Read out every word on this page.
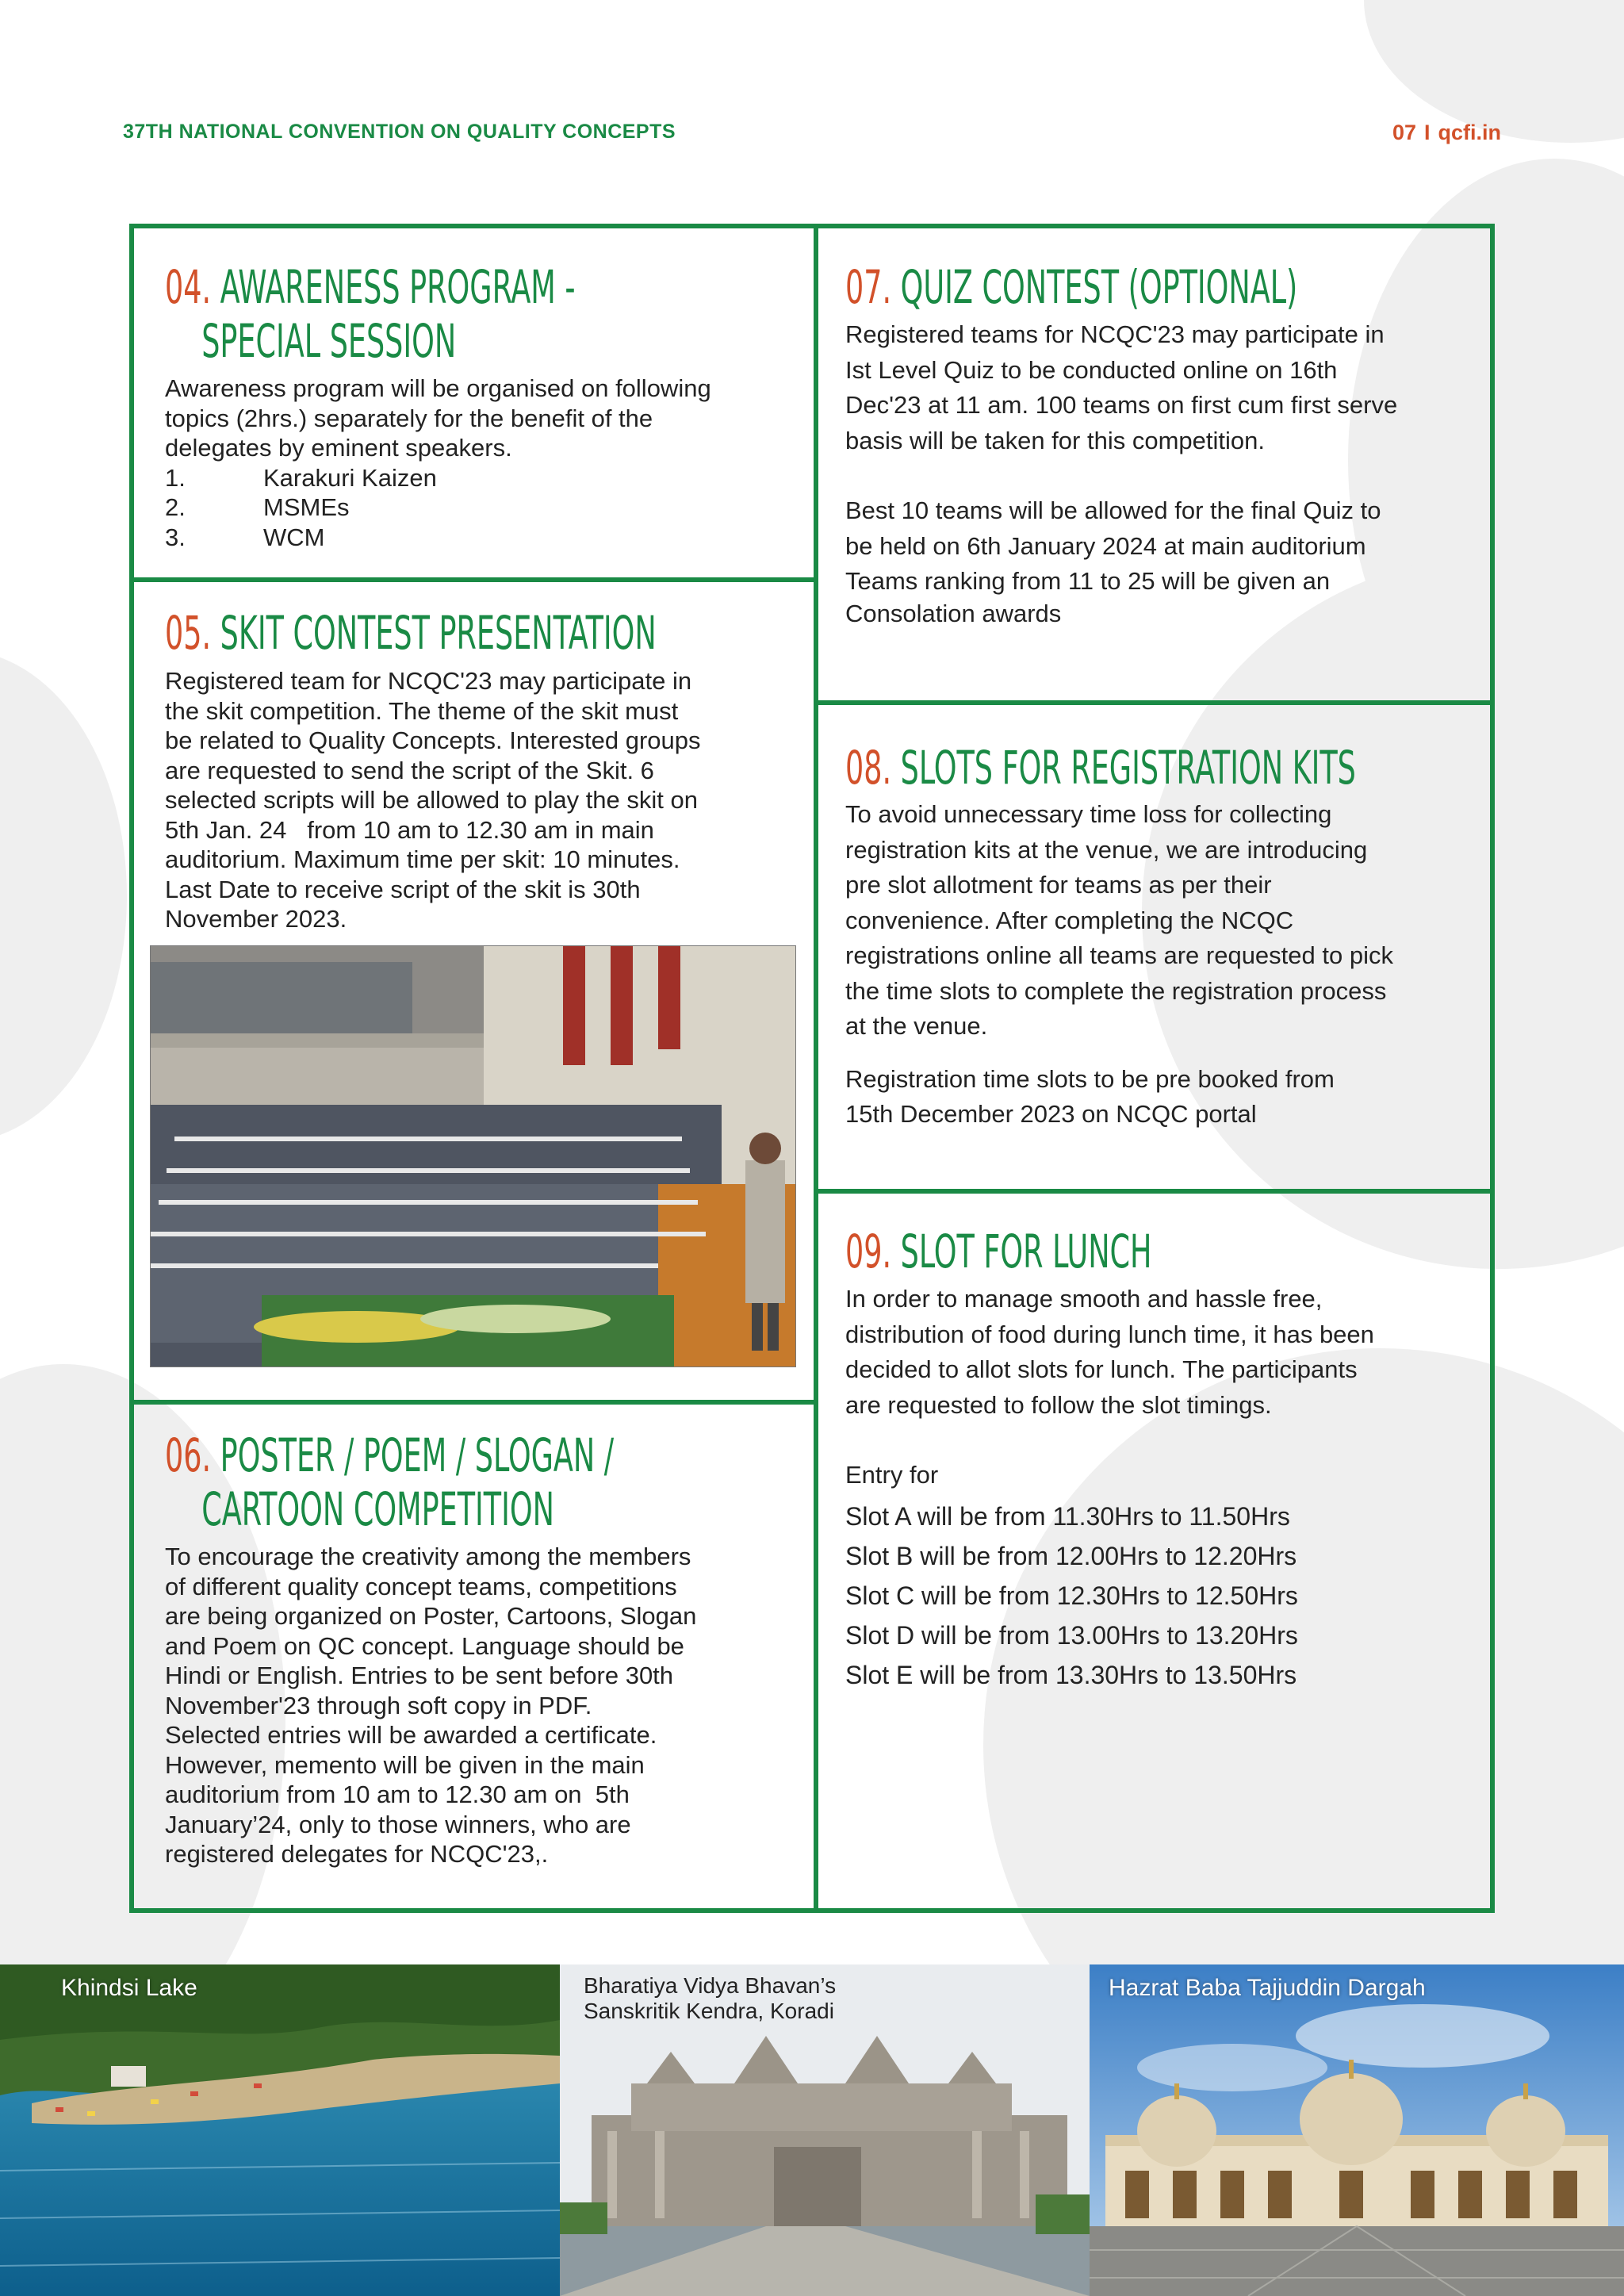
37TH NATIONAL CONVENTION ON QUALITY CONCEPTS	07 I qcfi.in
04. AWARENESS PROGRAM -
SPECIAL SESSION

Awareness program will be organised on following

topics (2hrs.) separately for the benefit of the

delegates by eminent speakers.

1.	Karakuri Kaizen
2.	MSMEs
3.	WCM
05. SKIT CONTEST PRESENTATION

Registered team for NCQC'23 may participate in

the skit competition. The theme of the skit must

be related to Quality Concepts. Interested groups

are requested to send the script of the Skit. 6

selected scripts will be allowed to play the skit on

5th Jan. 24   from 10 am to 12.30 am in main

auditorium. Maximum time per skit: 10 minutes.

Last Date to receive script of the skit is 30th

November 2023.

06. POSTER / POEM / SLOGAN /
CARTOON COMPETITION

To encourage the creativity among the members

of different quality concept teams, competitions

are being organized on Poster, Cartoons, Slogan

and Poem on QC concept. Language should be

Hindi or English. Entries to be sent before 30th

November'23 through soft copy in PDF.

Selected entries will be awarded a certificate.

However, memento will be given in the main

auditorium from 10 am to 12.30 am on  5th

January’24, only to those winners, who are

registered delegates for NCQC'23,.

07. QUIZ CONTEST (OPTIONAL)

Registered teams for NCQC'23 may participate in

Ist Level Quiz to be conducted online on 16th

Dec'23 at 11 am. 100 teams on first cum first serve

basis will be taken for this competition.

Best 10 teams will be allowed for the final Quiz to

be held on 6th January 2024 at main auditorium

Teams ranking from 11 to 25 will be given an

Consolation awards

08. SLOTS FOR REGISTRATION KITS

To avoid unnecessary time loss for collecting

registration kits at the venue, we are introducing

pre slot allotment for teams as per their

convenience. After completing the NCQC

registrations online all teams are requested to pick

the time slots to complete the registration process

at the venue.

Registration time slots to be pre booked from

15th December 2023 on NCQC portal

09. SLOT FOR LUNCH

In order to manage smooth and hassle free,

distribution of food during lunch time, it has been

decided to allot slots for lunch. The participants

are requested to follow the slot timings.

Entry for

Slot A will be from 11.30Hrs to 11.50Hrs

Slot B will be from 12.00Hrs to 12.20Hrs

Slot C will be from 12.30Hrs to 12.50Hrs

Slot D will be from 13.00Hrs to 13.20Hrs

Slot E will be from 13.30Hrs to 13.50Hrs

Khindsi Lake	Bharatiya Vidya Bhavan’s
Sanskritik Kendra, Koradi
Hazrat Baba Tajjuddin Dargah
